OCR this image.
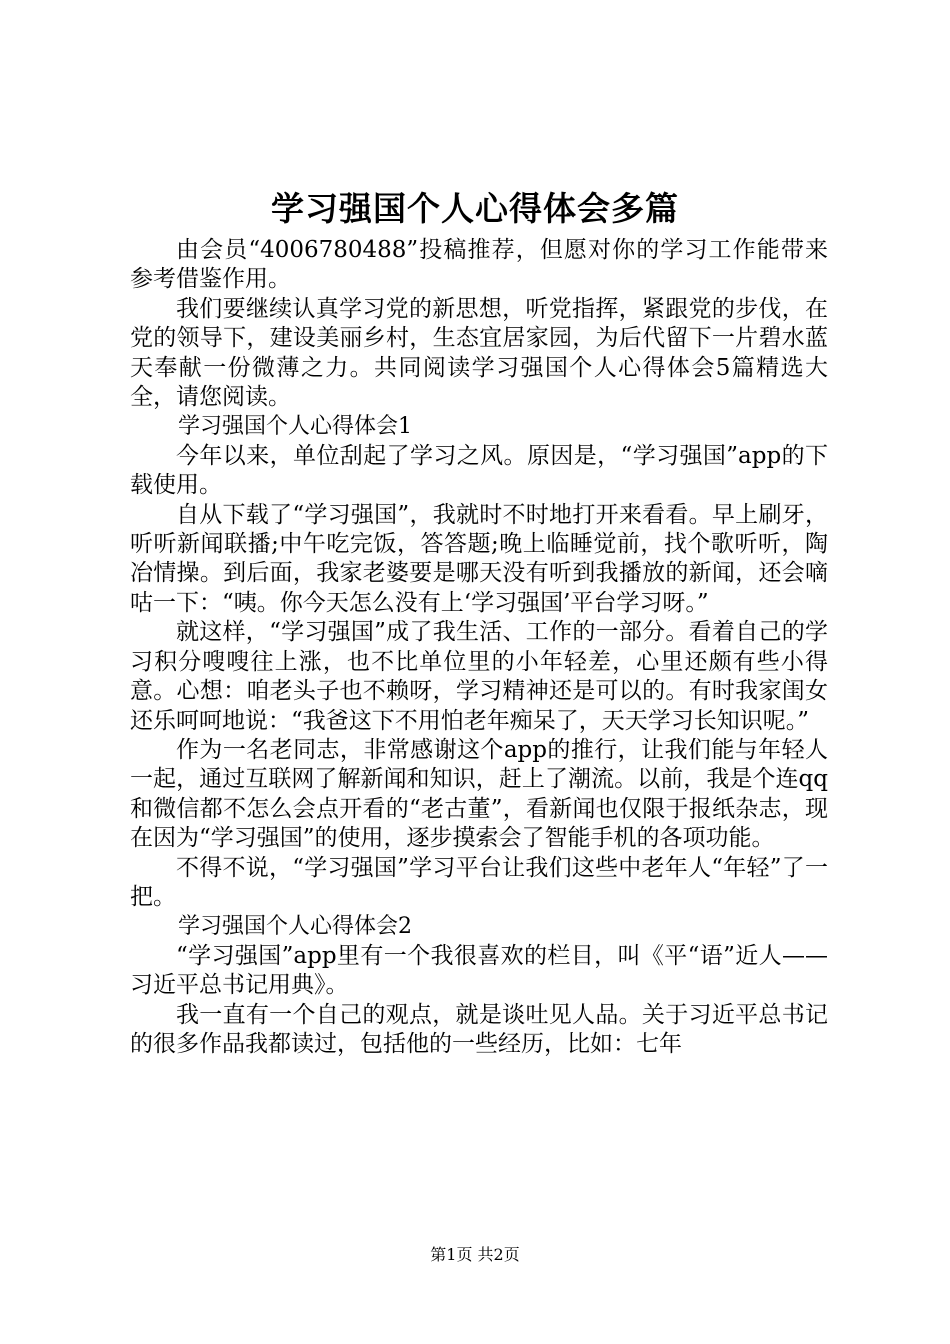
学习强国个人心得体会多篇

由会员“4006780488”投稿推荐，但愿对你的学习工作能带来参考借鉴作用。

我们要继续认真学习党的新思想，听党指挥，紧跟党的步伐，在党的领导下，建设美丽乡村，生态宜居家园，为后代留下一片碧水蓝天奉献一份微薄之力。共同阅读学习强国个人心得体会5篇精选大全，请您阅读。

学习强国个人心得体会1

今年以来，单位刮起了学习之风。原因是，“学习强国”app的下载使用。

自从下载了“学习强国”，我就时不时地打开来看看。早上刷牙，听听新闻联播;中午吃完饭，答答题;晚上临睡觉前，找个歌听听，陶冶情操。到后面，我家老婆要是哪天没有听到我播放的新闻，还会嘀咕一下：“咦。你今天怎么没有上‘学习强国’平台学习呀。”

就这样，“学习强国”成了我生活、工作的一部分。看着自己的学习积分嗖嗖往上涨，也不比单位里的小年轻差，心里还颇有些小得意。心想：咱老头子也不赖呀，学习精神还是可以的。有时我家闺女还乐呵呵地说：“我爸这下不用怕老年痴呆了，天天学习长知识呢。”

作为一名老同志，非常感谢这个app的推行，让我们能与年轻人一起，通过互联网了解新闻和知识，赶上了潮流。以前，我是个连qq和微信都不怎么会点开看的“老古董”，看新闻也仅限于报纸杂志，现在因为“学习强国”的使用，逐步摸索会了智能手机的各项功能。

不得不说，“学习强国”学习平台让我们这些中老年人“年轻”了一把。

学习强国个人心得体会2

“学习强国”app里有一个我很喜欢的栏目，叫《平“语”近人——习近平总书记用典》。

我一直有一个自己的观点，就是谈吐见人品。关于习近平总书记的很多作品我都读过，包括他的一些经历，比如：七年

第1页 共2页
